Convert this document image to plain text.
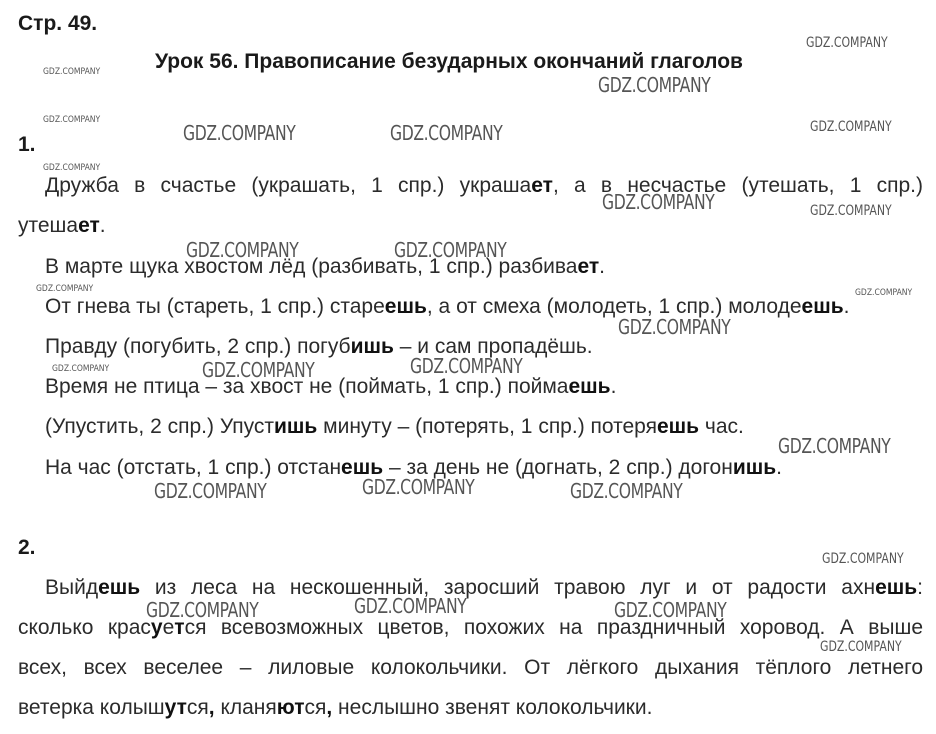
Стр. 49.
Урок 56. Правописание безударных окончаний глаголов
1.
Дружба в счастье (украшать, 1 спр.) украшает, а в несчастье (утешать, 1 спр.)
утешает.
В марте щука хвостом лёд (разбивать, 1 спр.) разбивает.
От гнева ты (стареть, 1 спр.) стареешь, а от смеха (молодеть, 1 спр.) молодеешь.
Правду (погубить, 2 спр.) погубишь – и сам пропадёшь.
Время не птица – за хвост не (поймать, 1 спр.) поймаешь.
(Упустить, 2 спр.) Упустишь минуту – (потерять, 1 спр.) потеряешь час.
На час (отстать, 1 спр.) отстанешь – за день не (догнать, 2 спр.) догонишь.
2.
Выйдешь из леса на нескошенный, заросший травою луг и от радости ахнешь:
сколько красуется всевозможных цветов, похожих на праздничный хоровод. А выше
всех, всех веселее – лиловые колокольчики. От лёгкого дыхания тёплого летнего
ветерка колышутся, кланяются, неслышно звенят колокольчики.
GDZ.COMPANY
GDZ.COMPANY
GDZ.COMPANY
GDZ.COMPANY
GDZ.COMPANY	GDZ.COMPANY	GDZ.COMPANY
GDZ.COMPANY
GDZ.COMPANY	GDZ.COMPANY
GDZ.COMPANY	GDZ.COMPANY
GDZ.COMPANY	GDZ.COMPANY
GDZ.COMPANY
GDZ.COMPANY	GDZ.COMPANY
GDZ.COMPANY
GDZ.COMPANY
GDZ.COMPANY	GDZ.COMPANY	GDZ.COMPANY
GDZ.COMPANY
GDZ.COMPANY	GDZ.COMPANY	GDZ.COMPANY
GDZ.COMPANY
